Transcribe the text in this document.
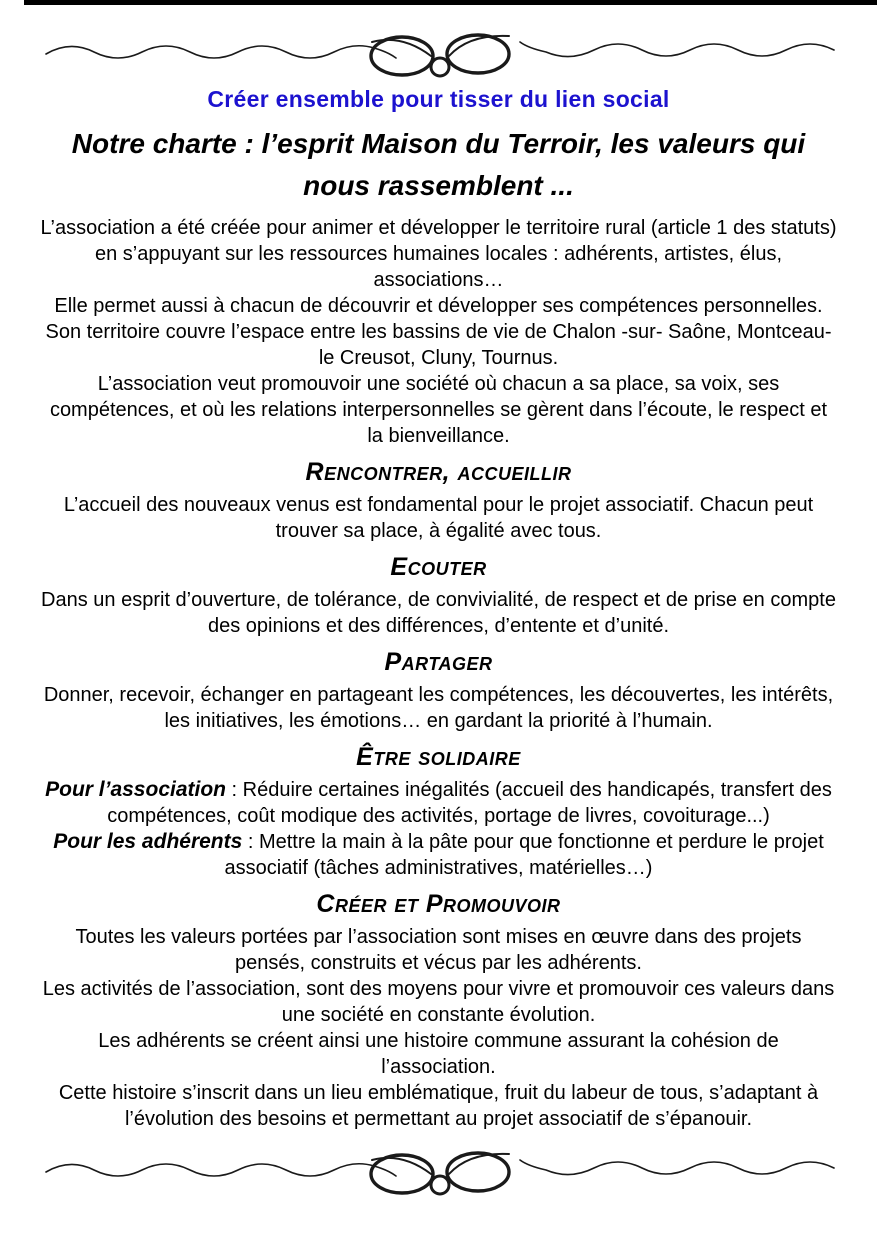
Créer ensemble pour tisser du lien social
Notre charte : l’esprit Maison du Terroir, les valeurs qui nous rassemblent ...

L’association a été créée pour animer et développer le territoire rural (article 1 des statuts) en s’appuyant sur les ressources humaines locales : adhérents, artistes, élus, associations…

Elle permet aussi à chacun de découvrir et développer ses compétences personnelles. Son territoire couvre l’espace entre les bassins de vie de Chalon -sur- Saône, Montceau-le Creusot, Cluny, Tournus.

L’association veut promouvoir une société où chacun a sa place, sa voix, ses compétences, et où les relations interpersonnelles se gèrent dans l’écoute, le respect et la bienveillance.

Rencontrer, accueillir

L’accueil des nouveaux venus est fondamental pour le projet associatif. Chacun peut trouver sa place, à égalité avec tous.

Ecouter

Dans un esprit d’ouverture, de tolérance, de convivialité, de respect et de prise en compte des opinions et des différences, d’entente et d’unité.

Partager

Donner, recevoir, échanger en partageant les compétences, les découvertes, les intérêts, les initiatives, les émotions… en gardant la priorité à l’humain.

Être solidaire

Pour l’association : Réduire certaines inégalités (accueil des handicapés, transfert des compétences, coût modique des activités, portage de livres, covoiturage...)

Pour les adhérents : Mettre la main à la pâte pour que fonctionne et perdure le projet associatif (tâches administratives, matérielles…)

Créer et Promouvoir

Toutes les valeurs portées par l’association sont mises en œuvre dans des projets pensés, construits et vécus par les adhérents.

Les activités de l’association, sont des moyens pour vivre et promouvoir ces valeurs dans une société en constante évolution.

Les adhérents se créent ainsi une histoire commune assurant la cohésion de l’association.

Cette histoire s’inscrit dans un lieu emblématique, fruit du labeur de tous, s’adaptant à l’évolution des besoins et permettant au projet associatif de s’épanouir.
